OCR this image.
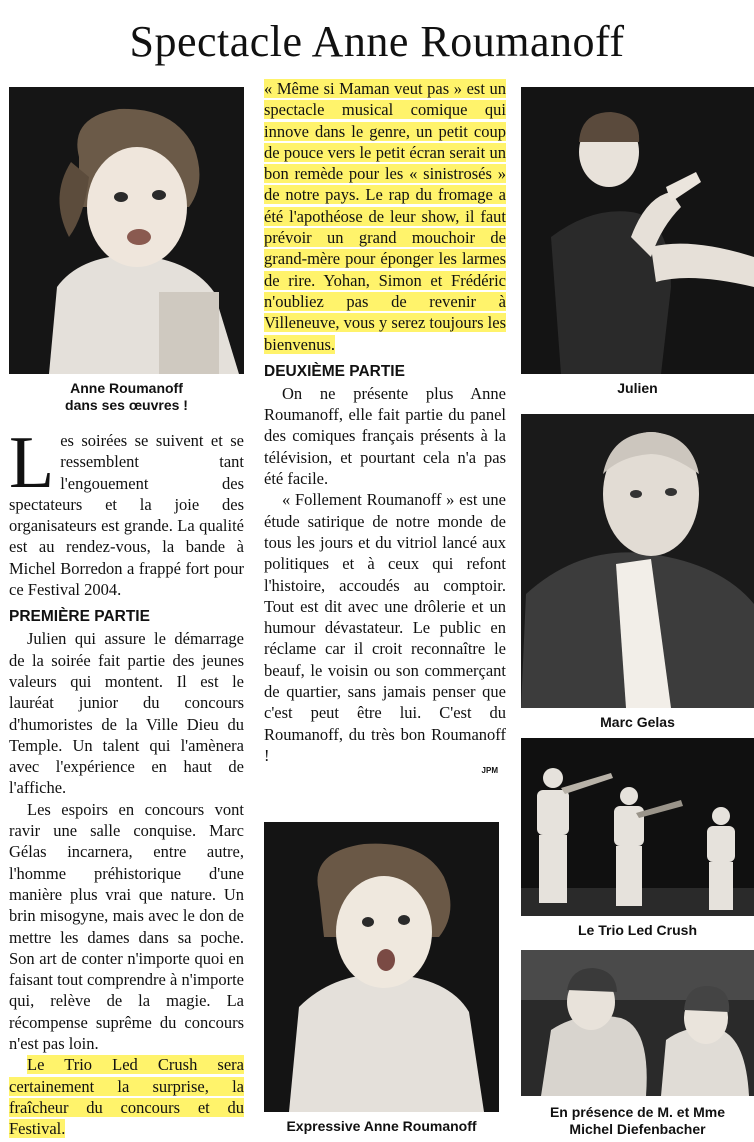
Spectacle Anne Roumanoff
Anne Roumanoff
dans ses œuvres !
Julien
Marc Gelas
Le Trio Led Crush
Expressive Anne Roumanoff
En présence de M. et Mme
Michel Diefenbacher

Les soirées se suivent et se ressemblent tant l'engouement des spectateurs et la joie des organisateurs est grande. La qualité est au rendez-vous, la bande à Michel Borredon a frappé fort pour ce Festival 2004.

PREMIÈRE PARTIE

Julien qui assure le démarrage de la soirée fait partie des jeunes valeurs qui montent. Il est le lauréat junior du concours d'humoristes de la Ville Dieu du Temple. Un talent qui l'amènera avec l'expérience en haut de l'affiche.

Les espoirs en concours vont ravir une salle conquise. Marc Gélas incarnera, entre autre, l'homme préhistorique d'une manière plus vrai que nature. Un brin misogyne, mais avec le don de mettre les dames dans sa poche. Son art de conter n'importe quoi en faisant tout comprendre à n'importe qui, relève de la magie. La récompense suprême du concours n'est pas loin.

Le Trio Led Crush sera certainement la surprise, la fraîcheur du concours et du Festival.

« Même si Maman veut pas » est un spectacle musical comique qui innove dans le genre, un petit coup de pouce vers le petit écran serait un bon remède pour les « sinistrosés » de notre pays. Le rap du fromage a été l'apothéose de leur show, il faut prévoir un grand mouchoir de grand-mère pour éponger les larmes de rire. Yohan, Simon et Frédéric n'oubliez pas de revenir à Villeneuve, vous y serez toujours les bienvenus.

DEUXIÈME PARTIE

On ne présente plus Anne Roumanoff, elle fait partie du panel des comiques français présents à la télévision, et pourtant cela n'a pas été facile.

« Follement Roumanoff » est une étude satirique de notre monde de tous les jours et du vitriol lancé aux politiques et à ceux qui refont l'histoire, accoudés au comptoir. Tout est dit avec une drôlerie et un humour dévastateur. Le public en réclame car il croit reconnaître le beauf, le voisin ou son commerçant de quartier, sans jamais penser que c'est peut être lui. C'est du Roumanoff, du très bon Roumanoff !

JPM
